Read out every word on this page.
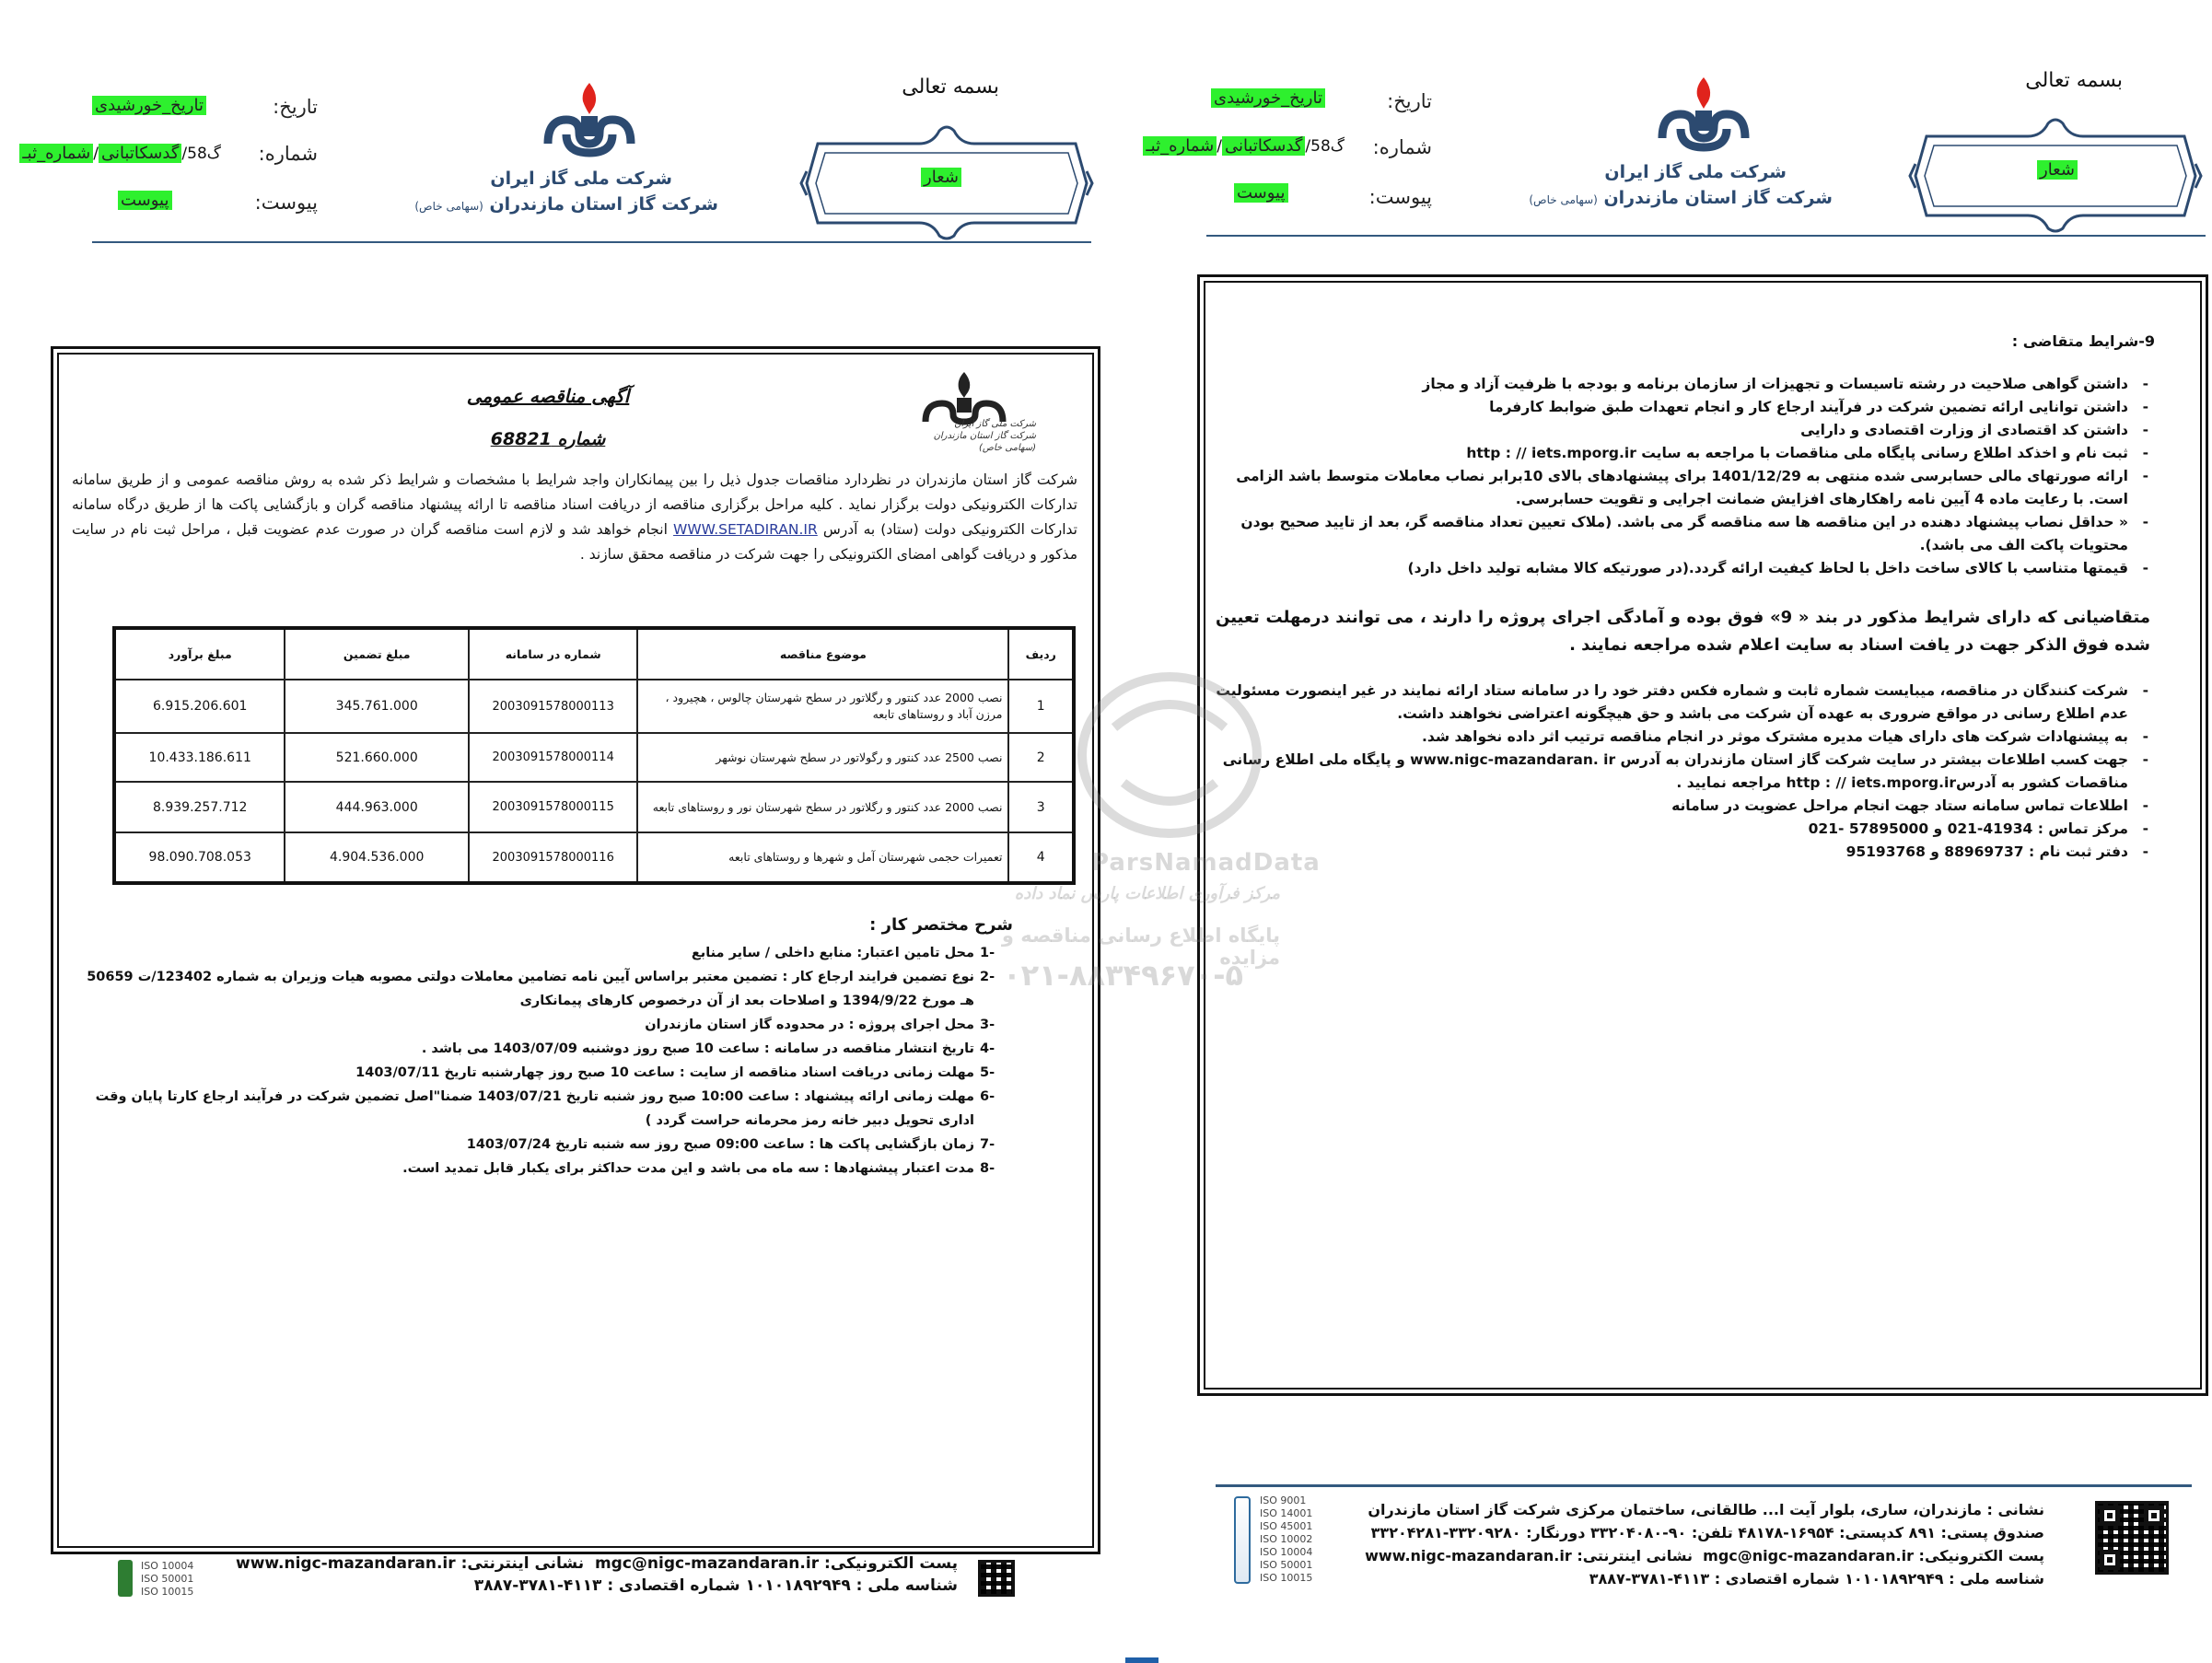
بسمه تعالی
شعار
شرکت ملی گاز ایران
شرکت گاز استان مازندران (سهامی خاص)
تاریخ:
تاریخ_خورشیدی
شماره:
گ58/گدسکاتبانی/شماره_ثبـ
پیوست:
پیوست
شرکت ملی گاز ایران
شرکت گاز استان مازندران
(سهامی خاص)
آگهی مناقصه عمومی
شماره 68821
شرکت گاز استان مازندران در نظردارد مناقصات جدول ذیل را بین پیمانکاران واجد شرایط با مشخصات و شرایط ذکر شده به روش مناقصه عمومی و از طریق سامانه تدارکات الکترونیکی دولت برگزار نماید . کلیه مراحل برگزاری مناقصه از دریافت اسناد مناقصه تا ارائه پیشنهاد مناقصه گران و بازگشایی پاکت ها از طریق درگاه سامانه تدارکات الکترونیکی دولت (ستاد) به آدرس WWW.SETADIRAN.IR انجام خواهد شد و لازم است مناقصه گران در صورت عدم عضویت قبل ، مراحل ثبت نام در سایت مذکور و دریافت گواهی امضای الکترونیکی را جهت شرکت در مناقصه محقق سازند .
ردیف	موضوع مناقصه	شماره در سامانه	مبلغ تضمین	مبلغ برآورد
1	نصب 2000 عدد کنتور و رگلاتور در سطح شهرستان چالوس ، هچیرود ، مرزن آباد و روستاهای تابعه	2003091578000113	345.761.000	6.915.206.601
2	نصب 2500 عدد کنتور و رگولاتور در سطح شهرستان نوشهر	2003091578000114	521.660.000	10.433.186.611
3	نصب 2000 عدد کنتور و رگلاتور در سطح شهرستان نور و روستاهای تابعه	2003091578000115	444.963.000	8.939.257.712
4	تعمیرات حجمی شهرستان آمل و شهرها و روستاهای تابعه	2003091578000116	4.904.536.000	98.090.708.053
شرح مختصر کار :
1-
محل تامین اعتبار: منابع داخلی / سایر منابع
2-
نوع تضمین فرایند ارجاع کار : تضمین معتبر براساس آیین نامه تضامین معاملات دولتی مصوبه هیات وزیران به شماره 123402/ت 50659 هـ مورخ 1394/9/22 و اصلاحات بعد از آن درخصوص کارهای پیمانکاری
3-
محل اجرای پروژه : در محدوده گاز استان مازندران
4-
تاریخ انتشار مناقصه در سامانه : ساعت 10 صبح روز دوشنبه 1403/07/09 می باشد .
5-
مهلت زمانی دریافت اسناد مناقصه از سایت : ساعت 10 صبح روز چهارشنبه تاریخ 1403/07/11
6-
مهلت زمانی ارائه پیشنهاد : ساعت 10:00 صبح روز شنبه تاریخ 1403/07/21 ضمنا"اصل تضمین شرکت در فرآیند ارجاع کارتا پایان وقت اداری تحویل دبیر خانه رمز محرمانه حراست گردد )
7-
زمان بازگشایی پاکت ها : ساعت 09:00 صبح روز سه شنبه تاریخ 1403/07/24
8-
مدت اعتبار پیشنهادها : سه ماه می باشد و این مدت حداکثر برای یکبار قابل تمدید است.
پست الکترونیکی: mgc@nigc-mazandaran.ir  نشانی اینترنتی: www.nigc-mazandaran.ir
شناسه ملی : ۱۰۱۰۱۸۹۲۹۴۹ شماره اقتصادی : ۴۱۱۳-۳۷۸۱-۳۸۸۷
ISO 10004
ISO 50001
ISO 10015
بسمه تعالی
شعار
شرکت ملی گاز ایران
شرکت گاز استان مازندران (سهامی خاص)
تاریخ:
تاریخ_خورشیدی
شماره:
گ58/گدسکاتبانی/شماره_ثبـ
پیوست:
پیوست
9-شرایط متقاضی :
- داشتن گواهی صلاحیت در رشته تاسیسات و تجهیزات از سازمان برنامه و بودجه با ظرفیت آزاد و مجاز
- داشتن توانایی ارائه تضمین شرکت در فرآیند ارجاع کار و انجام تعهدات طبق ضوابط کارفرما
- داشتن کد اقتصادی از وزارت اقتصادی و دارایی
- ثبت نام و اخذکد اطلاع رسانی پایگاه ملی مناقصات با مراجعه به سایت http : // iets.mporg.ir
- ارائه صورتهای مالی حسابرسی شده منتهی به 1401/12/29 برای پیشنهادهای بالای 10برابر نصاب معاملات متوسط باشد الزامی است. با رعایت ماده 4 آیین نامه راهکارهای افزایش ضمانت اجرایی و تقویت حسابرسی.
- « حداقل نصاب پیشنهاد دهنده در این مناقصه ها سه مناقصه گر می باشد. (ملاک تعیین تعداد مناقصه گر، بعد از تایید صحیح بودن محتویات پاکت الف می باشد).
- قیمتها متناسب با کالای ساخت داخل با لحاظ کیفیت ارائه گردد.(در صورتیکه کالا مشابه تولید داخل دارد)
متقاضیانی که دارای شرایط مذکور در بند « 9» فوق بوده و آمادگی اجرای پروژه را دارند ، می توانند درمهلت تعیین شده فوق الذکر جهت در یافت اسناد به سایت اعلام شده مراجعه نمایند .
- شرکت کنندگان در مناقصه، میبایست شماره ثابت و شماره فکس دفتر خود را در سامانه ستاد ارائه نمایند در غیر اینصورت مسئولیت عدم اطلاع رسانی در مواقع ضروری به عهده آن شرکت می باشد و حق هیچگونه اعتراضی نخواهند داشت.
- به پیشنهادات شرکت های دارای هیات مدیره مشترک موثر در انجام مناقصه ترتیب اثر داده نخواهد شد.
- جهت کسب اطلاعات بیشتر در سایت شرکت گاز استان مازندران به آدرس www.nigc-mazandaran. ir و پایگاه ملی اطلاع رسانی مناقصات کشور به آدرسhttp : // iets.mporg.ir مراجعه نمایید .
- اطلاعات تماس سامانه ستاد جهت انجام مراحل عضویت در سامانه
- مرکز تماس : 41934-021 و 57895000 -021
- دفتر ثبت نام : 88969737 و 95193768
نشانی : مازندران، ساری، بلوار آیت ا... طالقانی، ساختمان مرکزی شرکت گاز استان مازندران
صندوق پستی: ۸۹۱ کدپستی: ۱۶۹۵۴-۴۸۱۷۸ تلفن: ۹۰-۳۳۲۰۴۰۸۰ دورنگار: ۳۳۲۰۹۲۸۰-۳۳۲۰۴۲۸۱
پست الکترونیکی: mgc@nigc-mazandaran.ir  نشانی اینترنتی: www.nigc-mazandaran.ir
شناسه ملی : ۱۰۱۰۱۸۹۲۹۴۹ شماره اقتصادی : ۴۱۱۳-۳۷۸۱-۳۸۸۷
ISO 9001
ISO 14001
ISO 45001
ISO 10002
ISO 10004
ISO 50001
ISO 10015
ParsNamadData
مرکز فرآوری اطلاعات پارس نماد داده
پایگاه اطلاع رسانی مناقصه و مزایده
۰۲۱-۸۸۳۴۹۶۷۰-۵
